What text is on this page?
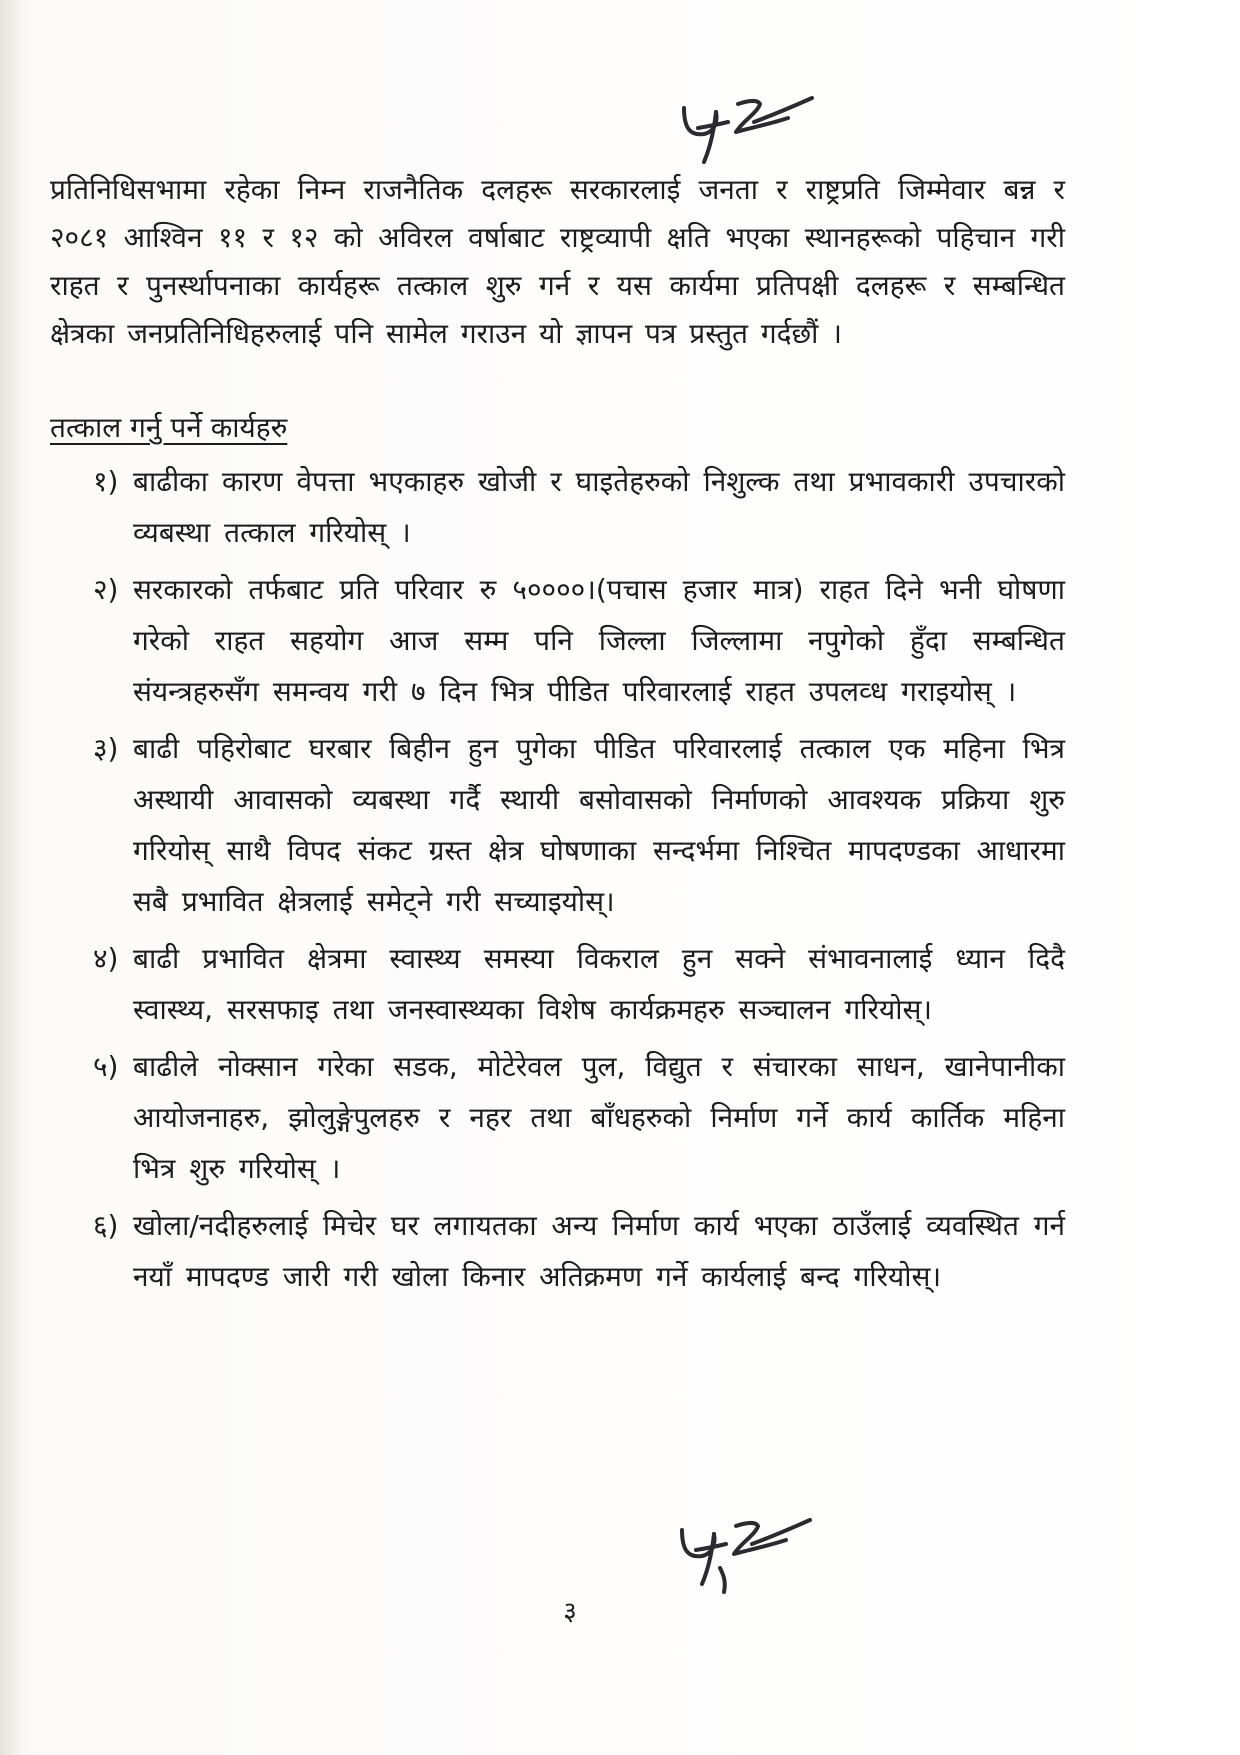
प्रतिनिधिसभामा रहेका निम्न राजनैतिक दलहरू सरकारलाई जनता र राष्ट्रप्रति जिम्मेवार बन्न र २०८१ आश्विन ११ र १२ को अविरल वर्षाबाट राष्ट्रव्यापी क्षति भएका स्थानहरूको पहिचान गरी राहत र पुनर्स्थापनाका कार्यहरू तत्काल शुरु गर्न र यस कार्यमा प्रतिपक्षी दलहरू र सम्बन्धित क्षेत्रका जनप्रतिनिधिहरुलाई पनि सामेल गराउन यो ज्ञापन पत्र प्रस्तुत गर्दछौं ।

तत्काल गर्नु पर्ने कार्यहरु
१) बाढीका कारण वेपत्ता भएकाहरु खोजी र घाइतेहरुको निशुल्क तथा प्रभावकारी उपचारको व्यबस्था तत्काल गरियोस् ।
२) सरकारको तर्फबाट प्रति परिवार रु ५००००।(पचास हजार मात्र) राहत दिने भनी घोषणा गरेको राहत सहयोग आज सम्म पनि जिल्ला जिल्लामा नपुगेको हुँदा सम्बन्धित संयन्त्रहरुसँग समन्वय गरी ७ दिन भित्र पीडित परिवारलाई राहत उपलव्ध गराइयोस् ।
३) बाढी पहिरोबाट घरबार बिहीन हुन पुगेका पीडित परिवारलाई तत्काल एक महिना भित्र अस्थायी आवासको व्यबस्था गर्दै स्थायी बसोवासको निर्माणको आवश्यक प्रक्रिया शुरु गरियोस् साथै विपद संकट ग्रस्त क्षेत्र घोषणाका सन्दर्भमा निश्चित मापदण्डका आधारमा सबै प्रभावित क्षेत्रलाई समेट्ने गरी सच्याइयोस्।
४) बाढी प्रभावित क्षेत्रमा स्वास्थ्य समस्या विकराल हुन सक्ने संभावनालाई ध्यान दिदै स्वास्थ्य, सरसफाइ तथा जनस्वास्थ्यका विशेष कार्यक्रमहरु सञ्चालन गरियोस्।
५) बाढीले नोक्सान गरेका सडक, मोटेरेवल पुल, विद्युत र संचारका साधन, खानेपानीका आयोजनाहरु, झोलुङ्गेपुलहरु र नहर तथा बाँधहरुको निर्माण गर्ने कार्य कार्तिक महिना भित्र शुरु गरियोस् ।
६) खोला/नदीहरुलाई मिचेर घर लगायतका अन्य निर्माण कार्य भएका ठाउँलाई व्यवस्थित गर्न नयाँ मापदण्ड जारी गरी खोला किनार अतिक्रमण गर्ने कार्यलाई बन्द गरियोस्।
३
